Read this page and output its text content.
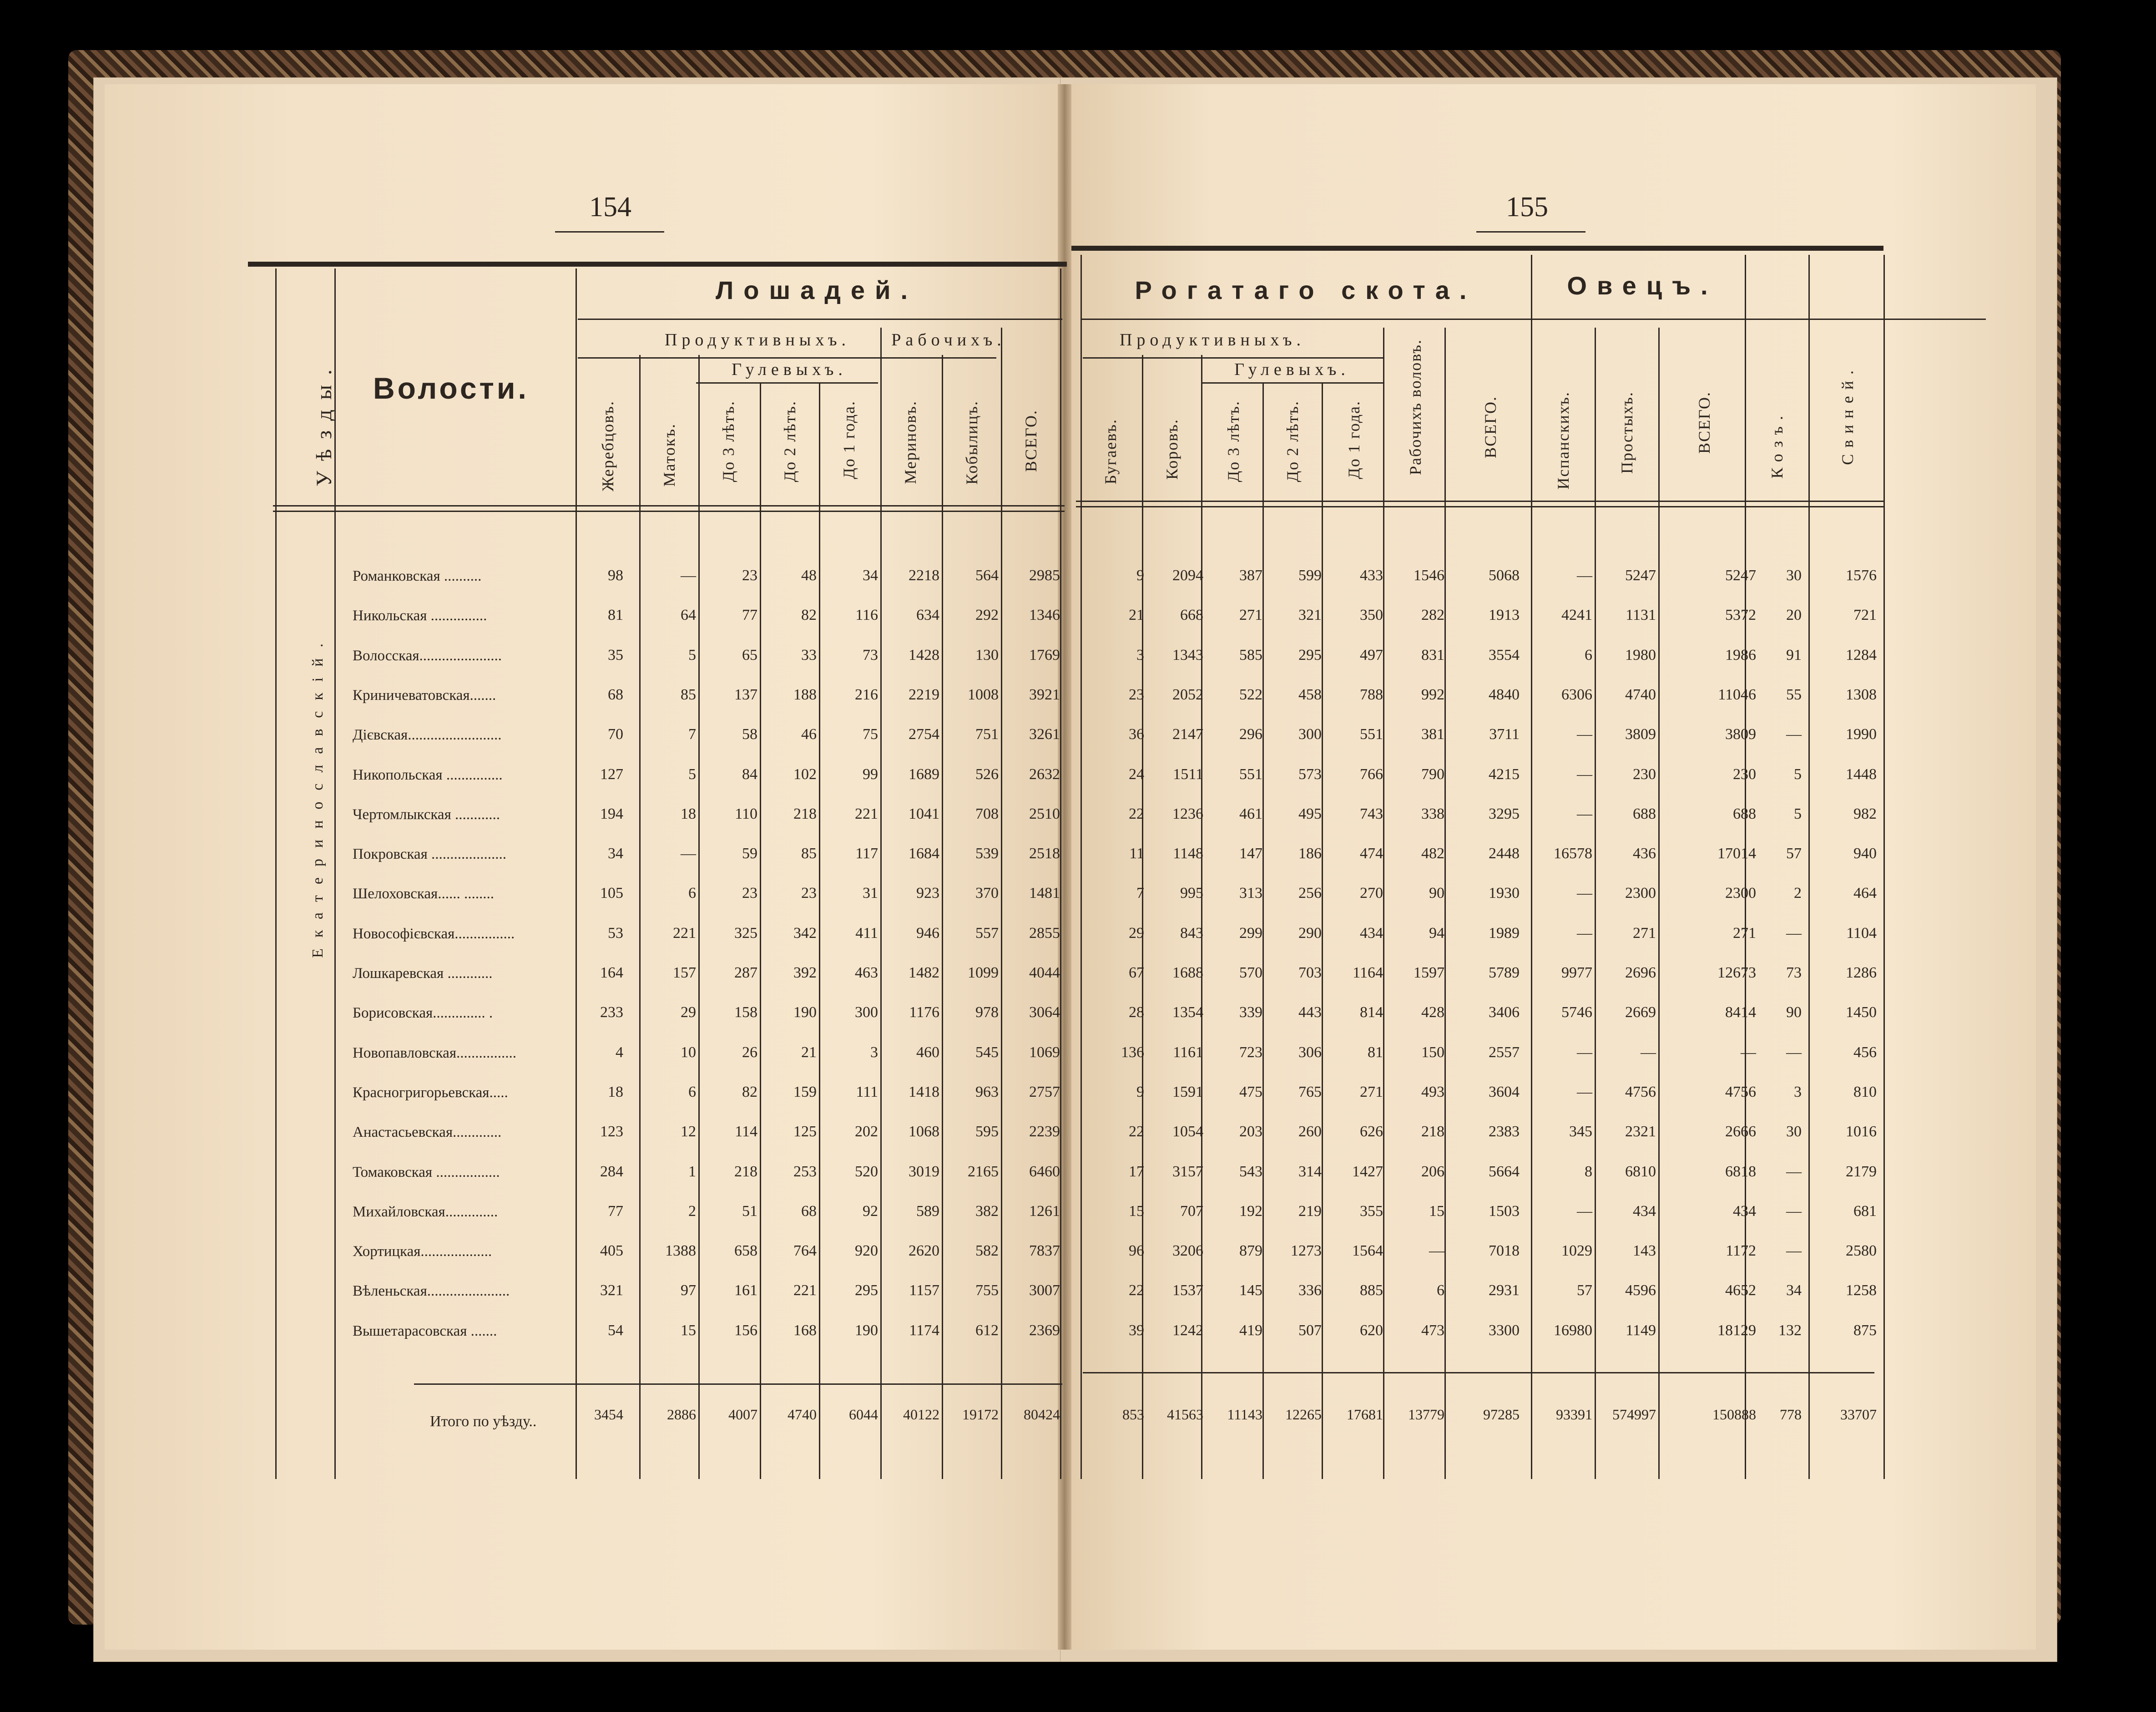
154	155
Уѣзды. Волости.
Лошадей.	Рогатаго скота.	Овецъ.
Продуктивныхъ. Рабочихъ.
Гулевыхъ.
Продуктивныхъ.
Гулевыхъ.
Жеребцовъ.	Матокъ.	До 3 лѣтъ.	До 2 лѣтъ.	До 1 года.	Мериновъ.	Кобылицъ.	ВСЕГО.	Бугаевъ.	Коровъ.	До 3 лѣтъ.	До 2 лѣтъ.	До 1 года.	Рабочихъ воловъ.	ВСЕГО.	Испанскихъ.	Простыхъ.	ВСЕГО.	Козъ.	Свиней.
Екатеринославскій.
Романковская ..........	98	—	23	48	34	2218	564	2985	9	2094	387	599	433	1546	5068	—	5247	5247	30	1576
Никольская ...............	81	64	77	82	116	634	292	1346	21	668	271	321	350	282	1913	4241	1131	5372	20	721
Волосская......................	35	5	65	33	73	1428	130	1769	3	1343	585	295	497	831	3554	6	1980	1986	91	1284
Криничеватовская.......	68	85	137	188	216	2219	1008	3921	23	2052	522	458	788	992	4840	6306	4740	11046	55	1308
Дієвская.........................	70	7	58	46	75	2754	751	3261	36	2147	296	300	551	381	3711	—	3809	3809	—	1990
Никопольская ...............	127	5	84	102	99	1689	526	2632	24	1511	551	573	766	790	4215	—	230	230	5	1448
Чертомлыкская ............	194	18	110	218	221	1041	708	2510	22	1236	461	495	743	338	3295	—	688	688	5	982
Покровская ....................	34	—	59	85	117	1684	539	2518	11	1148	147	186	474	482	2448	16578	436	17014	57	940
Шелоховская...... ........	105	6	23	23	31	923	370	1481	7	995	313	256	270	90	1930	—	2300	2300	2	464
Новософієвская................	53	221	325	342	411	946	557	2855	29	843	299	290	434	94	1989	—	271	271	—	1104
Лошкаревская ............	164	157	287	392	463	1482	1099	4044	67	1688	570	703	1164	1597	5789	9977	2696	12673	73	1286
Борисовская.............. .	233	29	158	190	300	1176	978	3064	28	1354	339	443	814	428	3406	5746	2669	8414	90	1450
Новопавловская................	4	10	26	21	3	460	545	1069	136	1161	723	306	81	150	2557	—	—	—	—	456
Красногригорьевская.....	18	6	82	159	111	1418	963	2757	9	1591	475	765	271	493	3604	—	4756	4756	3	810
Анастасьевская.............	123	12	114	125	202	1068	595	2239	22	1054	203	260	626	218	2383	345	2321	2666	30	1016
Томаковская .................	284	1	218	253	520	3019	2165	6460	17	3157	543	314	1427	206	5664	8	6810	6818	—	2179
Михайловская..............	77	2	51	68	92	589	382	1261	15	707	192	219	355	15	1503	—	434	434	—	681
Хортицкая...................	405	1388	658	764	920	2620	582	7837	96	3206	879	1273	1564	—	7018	1029	143	1172	—	2580
Вѣленьская......................	321	97	161	221	295	1157	755	3007	22	1537	145	336	885	6	2931	57	4596	4652	34	1258
Вышетарасовская .......	54	15	156	168	190	1174	612	2369	39	1242	419	507	620	473	3300	16980	1149	18129	132	875
Итого по уѣзду..	3454	2886	4007	4740	6044	40122	19172	80424	853	41563	11143	12265	17681	13779	97285	93391	574997	150888	778	33707
